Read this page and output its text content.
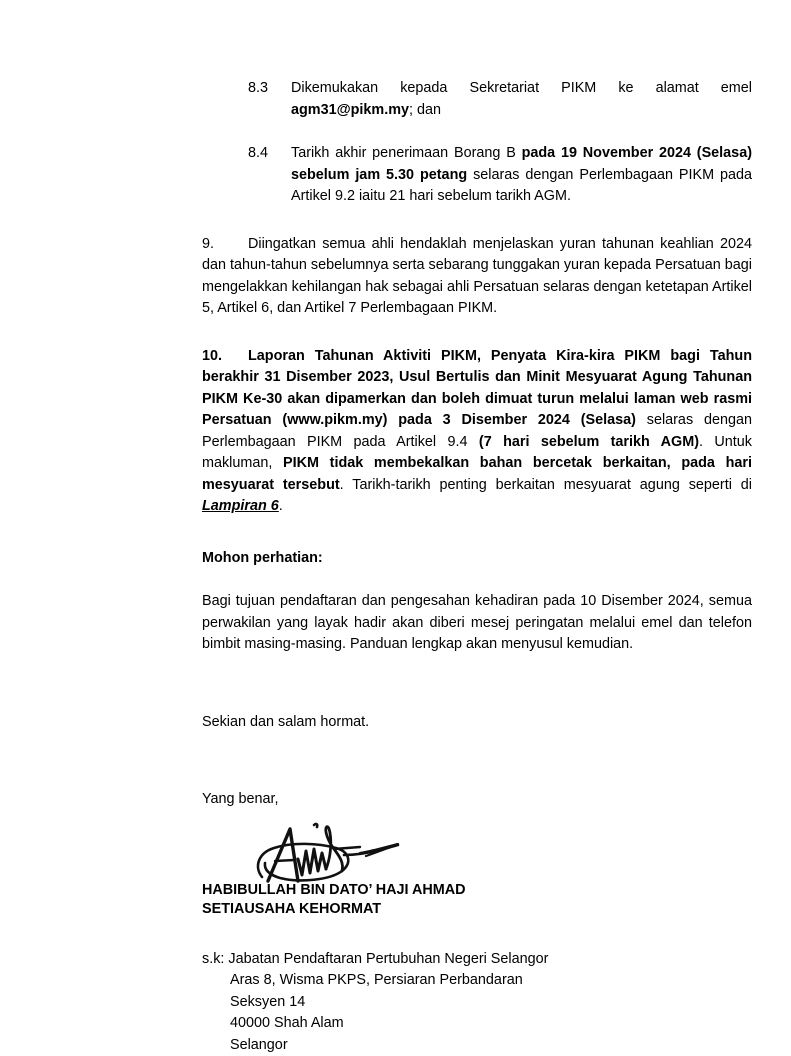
8.3	Dikemukakan kepada Sekretariat PIKM ke alamat emel agm31@pikm.my; dan
8.4	Tarikh akhir penerimaan Borang B pada 19 November 2024 (Selasa) sebelum jam 5.30 petang selaras dengan Perlembagaan PIKM pada Artikel 9.2 iaitu 21 hari sebelum tarikh AGM.
9. Diingatkan semua ahli hendaklah menjelaskan yuran tahunan keahlian 2024 dan tahun-tahun sebelumnya serta sebarang tunggakan yuran kepada Persatuan bagi mengelakkan kehilangan hak sebagai ahli Persatuan selaras dengan ketetapan Artikel 5, Artikel 6, dan Artikel 7 Perlembagaan PIKM.
10. Laporan Tahunan Aktiviti PIKM, Penyata Kira-kira PIKM bagi Tahun berakhir 31 Disember 2023, Usul Bertulis dan Minit Mesyuarat Agung Tahunan PIKM Ke-30 akan dipamerkan dan boleh dimuat turun melalui laman web rasmi Persatuan (www.pikm.my) pada 3 Disember 2024 (Selasa) selaras dengan Perlembagaan PIKM pada Artikel 9.4 (7 hari sebelum tarikh AGM). Untuk makluman, PIKM tidak membekalkan bahan bercetak berkaitan, pada hari mesyuarat tersebut. Tarikh-tarikh penting berkaitan mesyuarat agung seperti di Lampiran 6.
Mohon perhatian:
Bagi tujuan pendaftaran dan pengesahan kehadiran pada 10 Disember 2024, semua perwakilan yang layak hadir akan diberi mesej peringatan melalui emel dan telefon bimbit masing-masing. Panduan lengkap akan menyusul kemudian.
Sekian dan salam hormat.
Yang benar,
HABIBULLAH BIN DATO’ HAJI AHMAD
SETIAUSAHA KEHORMAT
s.k: Jabatan Pendaftaran Pertubuhan Negeri Selangor
Aras 8, Wisma PKPS, Persiaran Perbandaran
Seksyen 14
40000 Shah Alam
Selangor
